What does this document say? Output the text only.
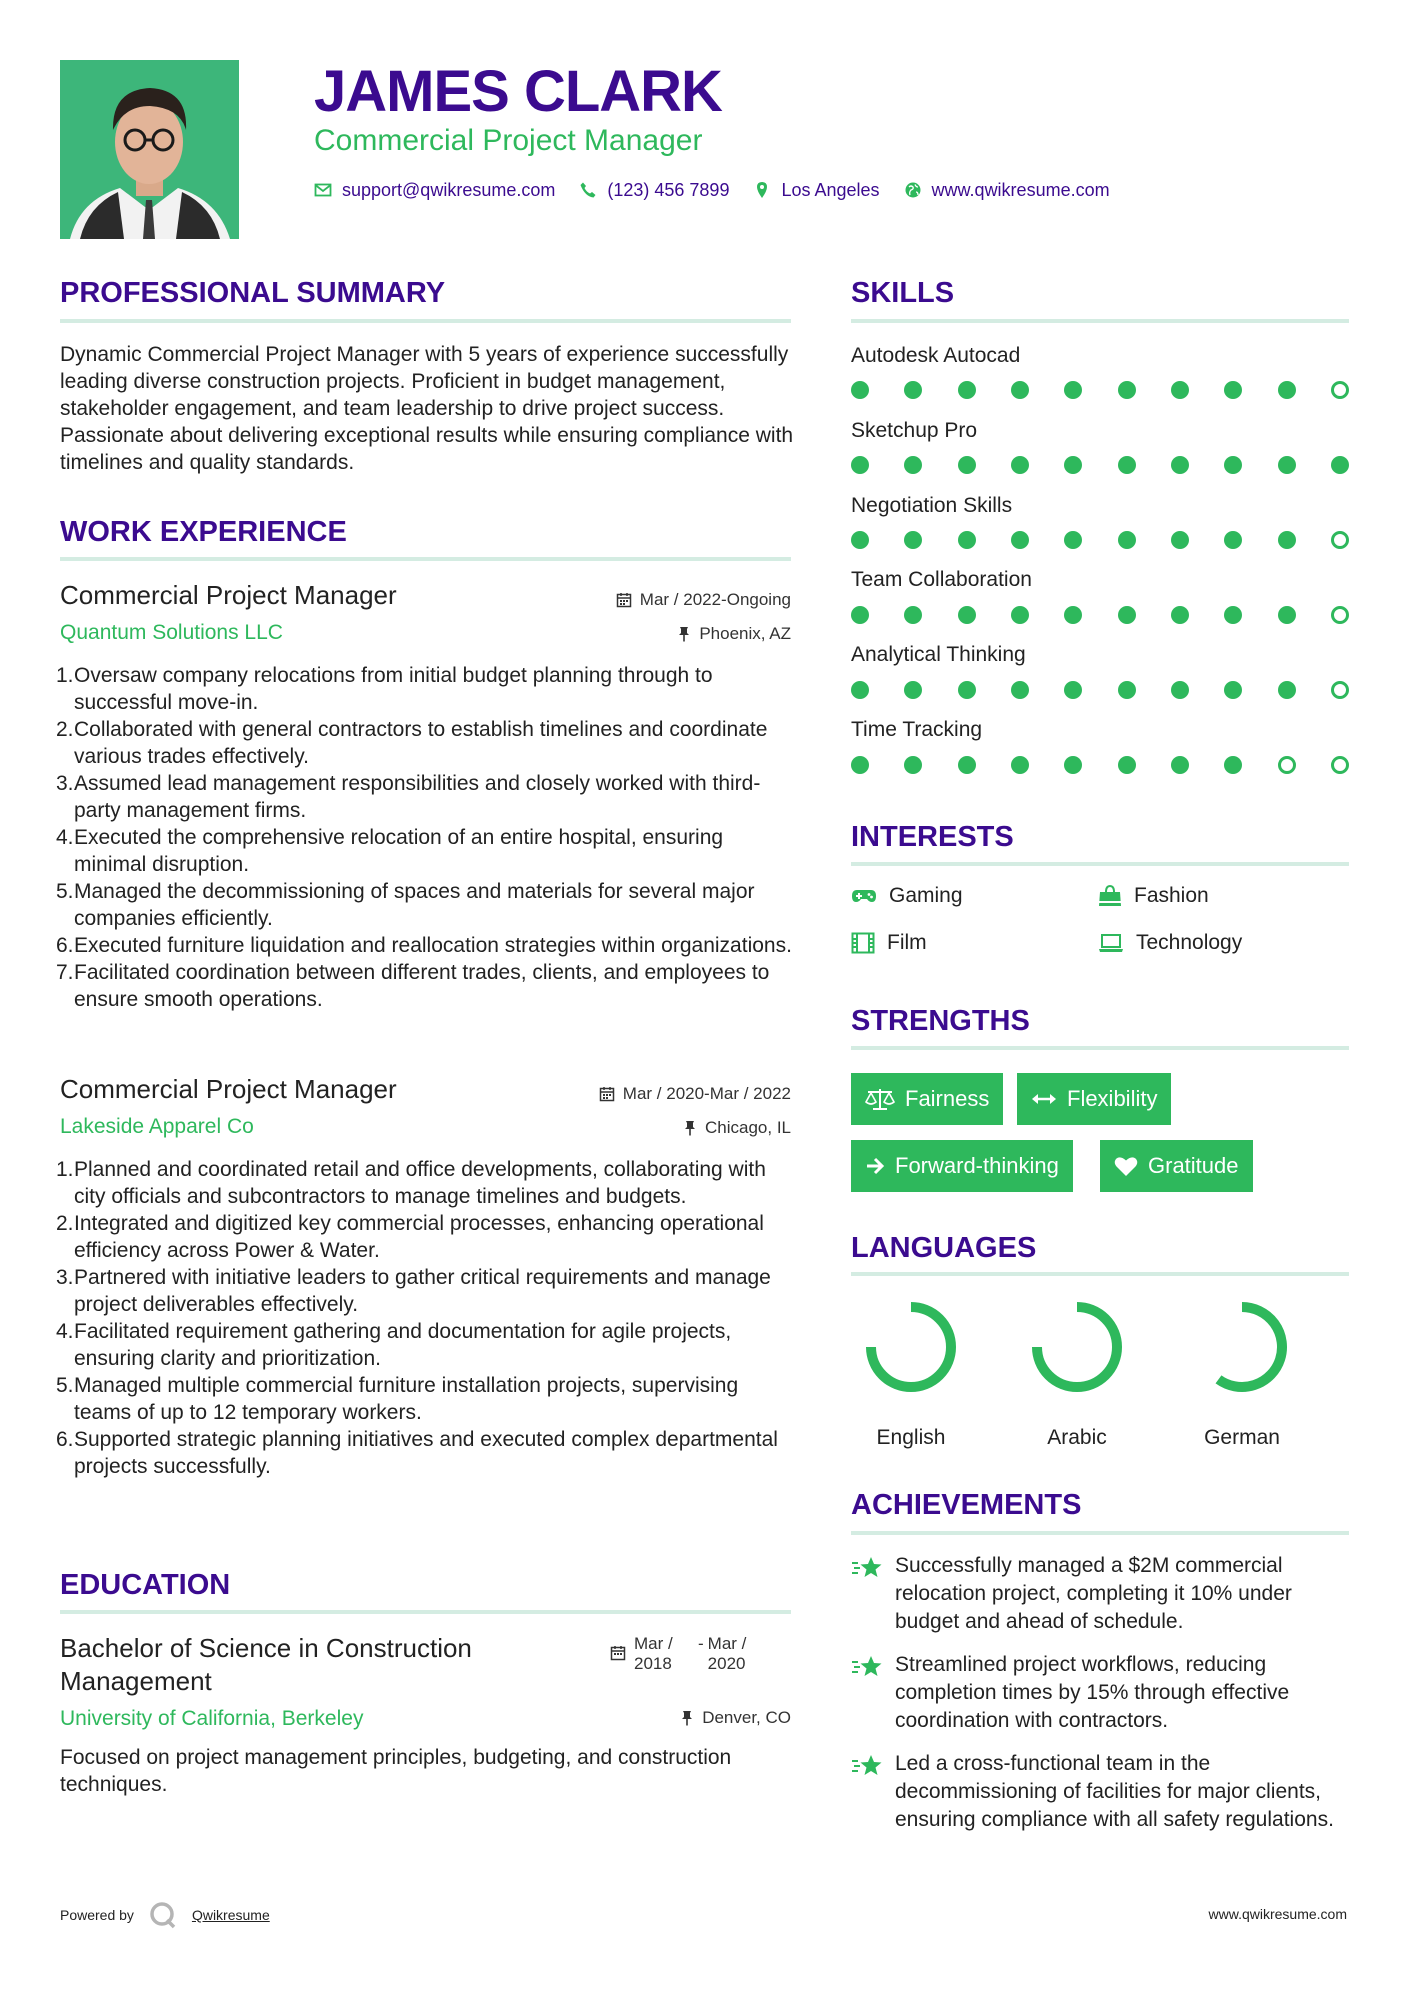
JAMES CLARK
Commercial Project Manager
support@qwikresume.com	(123) 456 7899	Los Angeles	www.qwikresume.com
PROFESSIONAL SUMMARY
Dynamic Commercial Project Manager with 5 years of experience successfully leading diverse construction projects. Proficient in budget management, stakeholder engagement, and team leadership to drive project success. Passionate about delivering exceptional results while ensuring compliance with timelines and quality standards.
WORK EXPERIENCE
Commercial Project Manager	Mar / 2022-Ongoing
Quantum Solutions LLC	Phoenix, AZ
1. Oversaw company relocations from initial budget planning through to successful move-in.
2. Collaborated with general contractors to establish timelines and coordinate various trades effectively.
3. Assumed lead management responsibilities and closely worked with third-party management firms.
4. Executed the comprehensive relocation of an entire hospital, ensuring minimal disruption.
5. Managed the decommissioning of spaces and materials for several major companies efficiently.
6. Executed furniture liquidation and reallocation strategies within organizations.
7. Facilitated coordination between different trades, clients, and employees to ensure smooth operations.
Commercial Project Manager	Mar / 2020-Mar / 2022
Lakeside Apparel Co	Chicago, IL
1. Planned and coordinated retail and office developments, collaborating with city officials and subcontractors to manage timelines and budgets.
2. Integrated and digitized key commercial processes, enhancing operational efficiency across Power & Water.
3. Partnered with initiative leaders to gather critical requirements and manage project deliverables effectively.
4. Facilitated requirement gathering and documentation for agile projects, ensuring clarity and prioritization.
5. Managed multiple commercial furniture installation projects, supervising teams of up to 12 temporary workers.
6. Supported strategic planning initiatives and executed complex departmental projects successfully.
EDUCATION
Bachelor of Science in Construction Management
Mar / 2018
- Mar / 2020
University of California, Berkeley	Denver, CO
Focused on project management principles, budgeting, and construction techniques.
SKILLS
Autodesk Autocad
Sketchup Pro
Negotiation Skills
Team Collaboration
Analytical Thinking
Time Tracking
INTERESTS
Gaming	Fashion
Film	Technology
STRENGTHS
Fairness	Flexibility
Forward-thinking	Gratitude
LANGUAGES
English	Arabic	German
ACHIEVEMENTS
Successfully managed a $2M commercial relocation project, completing it 10% under budget and ahead of schedule.
Streamlined project workflows, reducing completion times by 15% through effective coordination with contractors.
Led a cross-functional team in the decommissioning of facilities for major clients, ensuring compliance with all safety regulations.
Powered by	Qwikresume	www.qwikresume.com
